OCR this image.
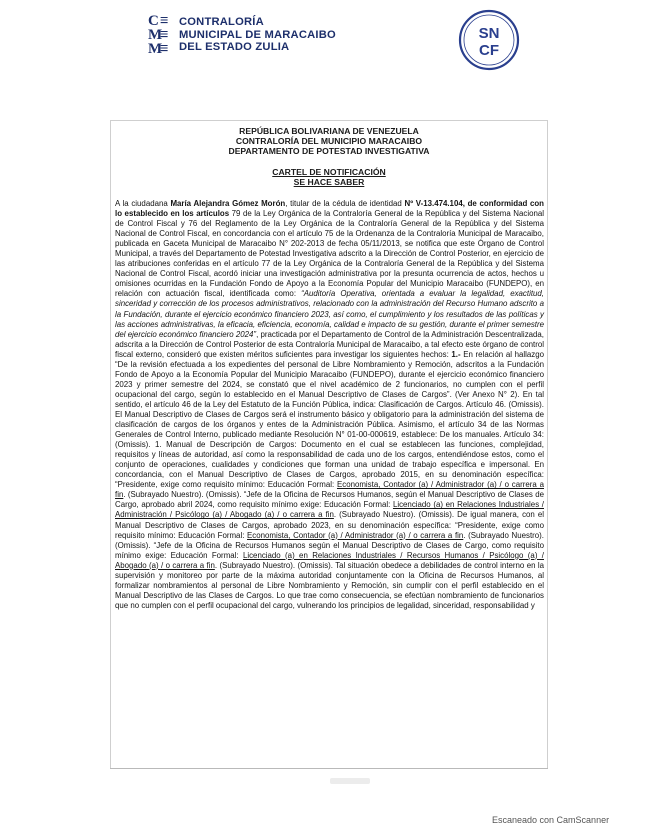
C
M
M
≡
≡
≡
CONTRALORÍA
MUNICIPAL DE MARACAIBO
DEL ESTADO ZULIA
SN
CF
REPÚBLICA BOLIVARIANA DE VENEZUELA
CONTRALORÍA DEL MUNICIPIO MARACAIBO
DEPARTAMENTO DE POTESTAD INVESTIGATIVA
CARTEL DE NOTIFICACIÓN
SE HACE SABER

A la ciudadana María Alejandra Gómez Morón, titular de la cédula de identidad Nº V-13.474.104, de conformidad con lo establecido en los artículos 79 de la Ley Orgánica de la Contraloría General de la República y del Sistema Nacional de Control Fiscal y 76 del Reglamento de la Ley Orgánica de la Contraloría General de la República y del Sistema Nacional de Control Fiscal, en concordancia con el artículo 75 de la Ordenanza de la Contraloría Municipal de Maracaibo, publicada en Gaceta Municipal de Maracaibo N° 202-2013 de fecha 05/11/2013, se notifica que este Órgano de Control Municipal, a través del Departamento de Potestad Investigativa adscrito a la Dirección de Control Posterior, en ejercicio de las atribuciones conferidas en el artículo 77 de la Ley Orgánica de la Contraloría General de la República y del Sistema Nacional de Control Fiscal, acordó iniciar una investigación administrativa por la presunta ocurrencia de actos, hechos u omisiones ocurridas en la Fundación Fondo de Apoyo a la Economía Popular del Municipio Maracaibo (FUNDEPO), en relación con actuación fiscal, identificada como: “Auditoría Operativa, orientada a evaluar la legalidad, exactitud, sinceridad y corrección de los procesos administrativos, relacionado con la administración del Recurso Humano adscrito a la Fundación, durante el ejercicio económico financiero 2023, así como, el cumplimiento y los resultados de las políticas y las acciones administrativas, la eficacia, eficiencia, economía, calidad e impacto de su gestión, durante el primer semestre del ejercicio económico financiero 2024”, practicada por el Departamento de Control de la Administración Descentralizada, adscrita a la Dirección de Control Posterior de esta Contraloría Municipal de Maracaibo, a tal efecto este órgano de control fiscal externo, consideró que existen méritos suficientes para investigar los siguientes hechos: 1.- En relación al hallazgo “De la revisión efectuada a los expedientes del personal de Libre Nombramiento y Remoción, adscritos a la Fundación Fondo de Apoyo a la Economía Popular del Municipio Maracaibo (FUNDEPO), durante el ejercicio económico financiero 2023 y primer semestre del 2024, se constató que el nivel académico de 2 funcionarios, no cumplen con el perfil ocupacional del cargo, según lo establecido en el Manual Descriptivo de Clases de Cargos”. (Ver Anexo N° 2). En tal sentido, el artículo 46 de la Ley del Estatuto de la Función Pública, indica: Clasificación de Cargos. Artículo 46. (Omissis). El Manual Descriptivo de Clases de Cargos será el instrumento básico y obligatorio para la administración del sistema de clasificación de cargos de los órganos y entes de la Administración Pública. Asimismo, el artículo 34 de las Normas Generales de Control Interno, publicado mediante Resolución N° 01-00-000619, establece: De los manuales. Artículo 34: (Omissis). 1. Manual de Descripción de Cargos: Documento en el cual se establecen las funciones, complejidad, requisitos y líneas de autoridad, así como la responsabilidad de cada uno de los cargos, entendiéndose estos, como el conjunto de operaciones, cualidades y condiciones que forman una unidad de trabajo específica e impersonal. En concordancia, con el Manual Descriptivo de Clases de Cargos, aprobado 2015, en su denominación específica: “Presidente, exige como requisito mínimo: Educación Formal: Economista, Contador (a) / Administrador (a) / o carrera a fin. (Subrayado Nuestro). (Omissis). “Jefe de la Oficina de Recursos Humanos, según el Manual Descriptivo de Clases de Cargo, aprobado abril 2024, como requisito mínimo exige: Educación Formal: Licenciado (a) en Relaciones Industriales / Administración / Psicólogo (a) / Abogado (a) / o carrera a fin. (Subrayado Nuestro). (Omissis). De igual manera, con el Manual Descriptivo de Clases de Cargos, aprobado 2023, en su denominación específica: “Presidente, exige como requisito mínimo: Educación Formal: Economista, Contador (a) / Administrador (a) / o carrera a fin. (Subrayado Nuestro). (Omissis). “Jefe de la Oficina de Recursos Humanos según el Manual Descriptivo de Clases de Cargo, como requisito mínimo exige: Educación Formal: Licenciado (a) en Relaciones Industriales / Recursos Humanos / Psicólogo (a) / Abogado (a) / o carrera a fin. (Subrayado Nuestro). (Omissis). Tal situación obedece a debilidades de control interno en la supervisión y monitoreo por parte de la máxima autoridad conjuntamente con la Oficina de Recursos Humanos, al formalizar nombramientos al personal de Libre Nombramiento y Remoción, sin cumplir con el perfil establecido en el Manual Descriptivo de las Clases de Cargos. Lo que trae como consecuencia, se efectúan nombramiento de funcionarios que no cumplen con el perfil ocupacional del cargo, vulnerando los principios de legalidad, sinceridad, responsabilidad y

Escaneado con CamScanner
